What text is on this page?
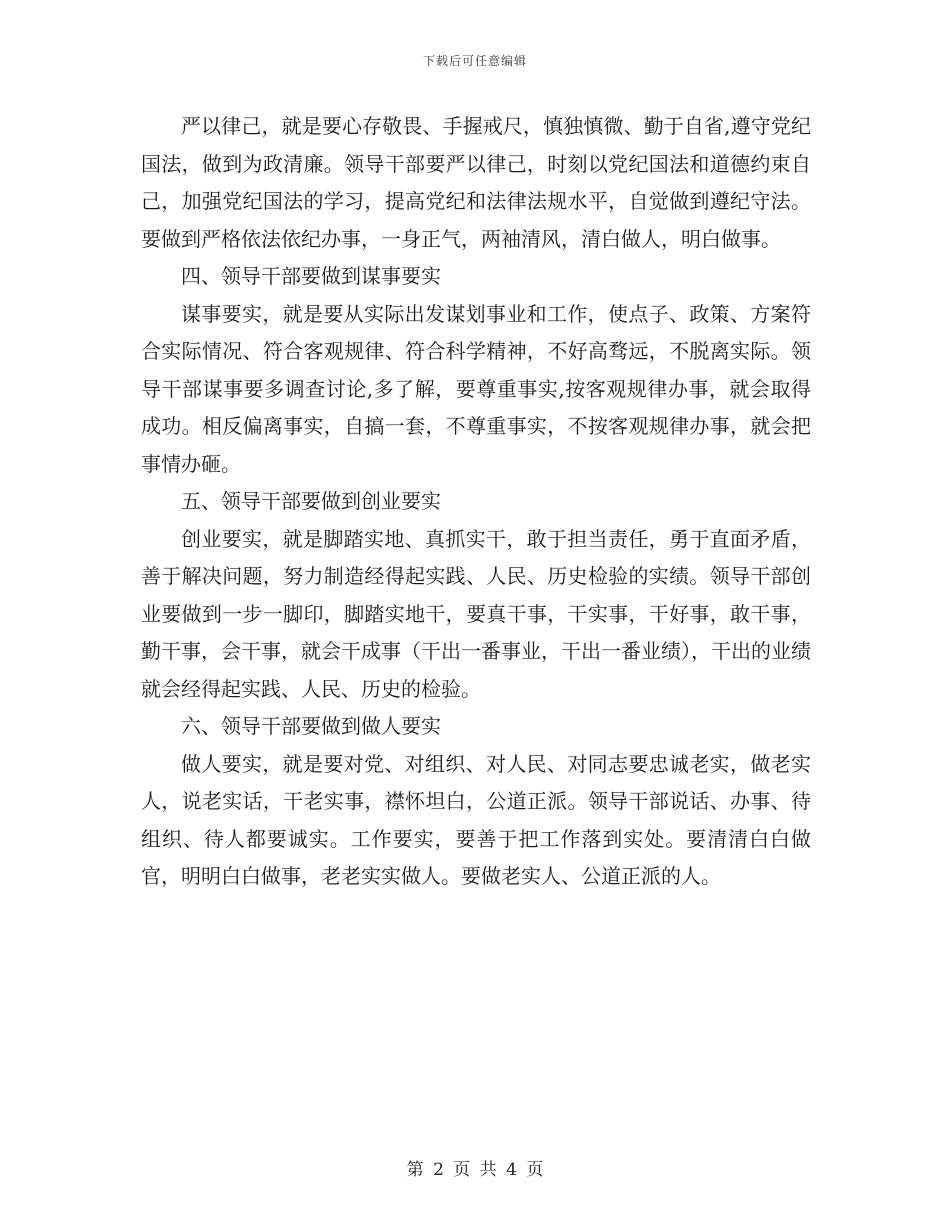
下载后可任意编辑

严以律己，就是要心存敬畏、手握戒尺，慎独慎微、勤于自省,遵守党纪国法，做到为政清廉。领导干部要严以律己，时刻以党纪国法和道德约束自己，加强党纪国法的学习，提高党纪和法律法规水平，自觉做到遵纪守法。要做到严格依法依纪办事，一身正气，两袖清风，清白做人，明白做事。

四、领导干部要做到谋事要实

谋事要实，就是要从实际出发谋划事业和工作，使点子、政策、方案符合实际情况、符合客观规律、符合科学精神，不好高骛远，不脱离实际。领导干部谋事要多调查讨论,多了解，要尊重事实,按客观规律办事，就会取得成功。相反偏离事实，自搞一套，不尊重事实，不按客观规律办事，就会把事情办砸。

五、领导干部要做到创业要实

创业要实，就是脚踏实地、真抓实干，敢于担当责任，勇于直面矛盾，善于解决问题，努力制造经得起实践、人民、历史检验的实绩。领导干部创业要做到一步一脚印，脚踏实地干，要真干事，干实事，干好事，敢干事，勤干事，会干事，就会干成事（干出一番事业，干出一番业绩），干出的业绩就会经得起实践、人民、历史的检验。

六、领导干部要做到做人要实

做人要实，就是要对党、对组织、对人民、对同志要忠诚老实，做老实人，说老实话，干老实事，襟怀坦白，公道正派。领导干部说话、办事、待组织、待人都要诚实。工作要实，要善于把工作落到实处。要清清白白做官，明明白白做事，老老实实做人。要做老实人、公道正派的人。

第 2 页 共 4 页
